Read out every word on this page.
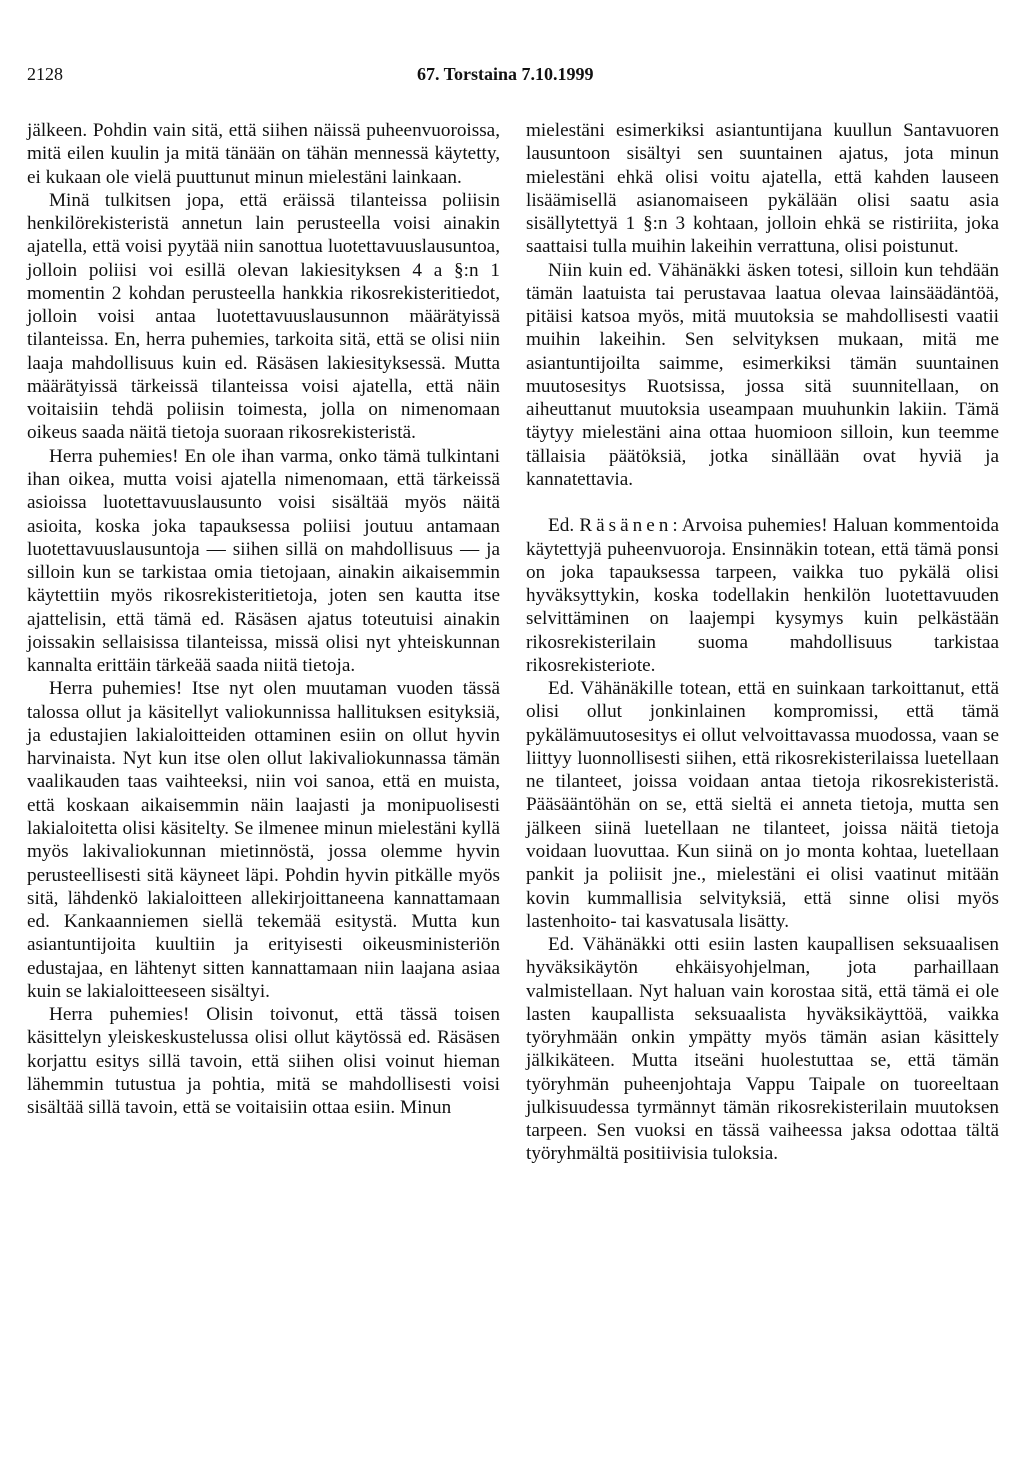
2128	67. Torstaina 7.10.1999

jälkeen. Pohdin vain sitä, että siihen näissä puheenvuoroissa, mitä eilen kuulin ja mitä tänään on tähän mennessä käytetty, ei kukaan ole vielä puuttunut minun mielestäni lainkaan.

Minä tulkitsen jopa, että eräissä tilanteissa poliisin henkilörekisteristä annetun lain perusteella voisi ainakin ajatella, että voisi pyytää niin sanottua luotettavuuslausuntoa, jolloin poliisi voi esillä olevan lakiesityksen 4 a §:n 1 momentin 2 kohdan perusteella hankkia rikosrekisteritiedot, jolloin voisi antaa luotettavuuslausunnon määrätyissä tilanteissa. En, herra puhemies, tarkoita sitä, että se olisi niin laaja mahdollisuus kuin ed. Räsäsen lakiesityksessä. Mutta määrätyissä tärkeissä tilanteissa voisi ajatella, että näin voitaisiin tehdä poliisin toimesta, jolla on nimenomaan oikeus saada näitä tietoja suoraan rikosrekisteristä.

Herra puhemies! En ole ihan varma, onko tämä tulkintani ihan oikea, mutta voisi ajatella nimenomaan, että tärkeissä asioissa luotettavuuslausunto voisi sisältää myös näitä asioita, koska joka tapauksessa poliisi joutuu antamaan luotettavuuslausuntoja — siihen sillä on mahdollisuus — ja silloin kun se tarkistaa omia tietojaan, ainakin aikaisemmin käytettiin myös rikosrekisteritietoja, joten sen kautta itse ajattelisin, että tämä ed. Räsäsen ajatus toteutuisi ainakin joissakin sellaisissa tilanteissa, missä olisi nyt yhteiskunnan kannalta erittäin tärkeää saada niitä tietoja.

Herra puhemies! Itse nyt olen muutaman vuoden tässä talossa ollut ja käsitellyt valiokunnissa hallituksen esityksiä, ja edustajien lakialoitteiden ottaminen esiin on ollut hyvin harvinaista. Nyt kun itse olen ollut lakivaliokunnassa tämän vaalikauden taas vaihteeksi, niin voi sanoa, että en muista, että koskaan aikaisemmin näin laajasti ja monipuolisesti lakialoitetta olisi käsitelty. Se ilmenee minun mielestäni kyllä myös lakivaliokunnan mietinnöstä, jossa olemme hyvin perusteellisesti sitä käyneet läpi. Pohdin hyvin pitkälle myös sitä, lähdenkö lakialoitteen allekirjoittaneena kannattamaan ed. Kankaanniemen siellä tekemää esitystä. Mutta kun asiantuntijoita kuultiin ja erityisesti oikeusministeriön edustajaa, en lähtenyt sitten kannattamaan niin laajana asiaa kuin se lakialoitteeseen sisältyi.

Herra puhemies! Olisin toivonut, että tässä toisen käsittelyn yleiskeskustelussa olisi ollut käytössä ed. Räsäsen korjattu esitys sillä tavoin, että siihen olisi voinut hieman lähemmin tutustua ja pohtia, mitä se mahdollisesti voisi sisältää sillä tavoin, että se voitaisiin ottaa esiin. Minun

mielestäni esimerkiksi asiantuntijana kuullun Santavuoren lausuntoon sisältyi sen suuntainen ajatus, jota minun mielestäni ehkä olisi voitu ajatella, että kahden lauseen lisäämisellä asianomaiseen pykälään olisi saatu asia sisällytettyä 1 §:n 3 kohtaan, jolloin ehkä se ristiriita, joka saattaisi tulla muihin lakeihin verrattuna, olisi poistunut.

Niin kuin ed. Vähänäkki äsken totesi, silloin kun tehdään tämän laatuista tai perustavaa laatua olevaa lainsäädäntöä, pitäisi katsoa myös, mitä muutoksia se mahdollisesti vaatii muihin lakeihin. Sen selvityksen mukaan, mitä me asiantuntijoilta saimme, esimerkiksi tämän suuntainen muutosesitys Ruotsissa, jossa sitä suunnitellaan, on aiheuttanut muutoksia useampaan muuhunkin lakiin. Tämä täytyy mielestäni aina ottaa huomioon silloin, kun teemme tällaisia päätöksiä, jotka sinällään ovat hyviä ja kannatettavia.

Ed. Räsänen: Arvoisa puhemies! Haluan kommentoida käytettyjä puheenvuoroja. Ensinnäkin totean, että tämä ponsi on joka tapauksessa tarpeen, vaikka tuo pykälä olisi hyväksyttykin, koska todellakin henkilön luotettavuuden selvittäminen on laajempi kysymys kuin pelkästään rikosrekisterilain suoma mahdollisuus tarkistaa rikosrekisteriote.

Ed. Vähänäkille totean, että en suinkaan tarkoittanut, että olisi ollut jonkinlainen kompromissi, että tämä pykälämuutosesitys ei ollut velvoittavassa muodossa, vaan se liittyy luonnollisesti siihen, että rikosrekisterilaissa luetellaan ne tilanteet, joissa voidaan antaa tietoja rikosrekisteristä. Pääsääntöhän on se, että sieltä ei anneta tietoja, mutta sen jälkeen siinä luetellaan ne tilanteet, joissa näitä tietoja voidaan luovuttaa. Kun siinä on jo monta kohtaa, luetellaan pankit ja poliisit jne., mielestäni ei olisi vaatinut mitään kovin kummallisia selvityksiä, että sinne olisi myös lastenhoito- tai kasvatusala lisätty.

Ed. Vähänäkki otti esiin lasten kaupallisen seksuaalisen hyväksikäytön ehkäisyohjelman, jota parhaillaan valmistellaan. Nyt haluan vain korostaa sitä, että tämä ei ole lasten kaupallista seksuaalista hyväksikäyttöä, vaikka työryhmään onkin ympätty myös tämän asian käsittely jälkikäteen. Mutta itseäni huolestuttaa se, että tämän työryhmän puheenjohtaja Vappu Taipale on tuoreeltaan julkisuudessa tyrmännyt tämän rikosrekisterilain muutoksen tarpeen. Sen vuoksi en tässä vaiheessa jaksa odottaa tältä työryhmältä positiivisia tuloksia.
